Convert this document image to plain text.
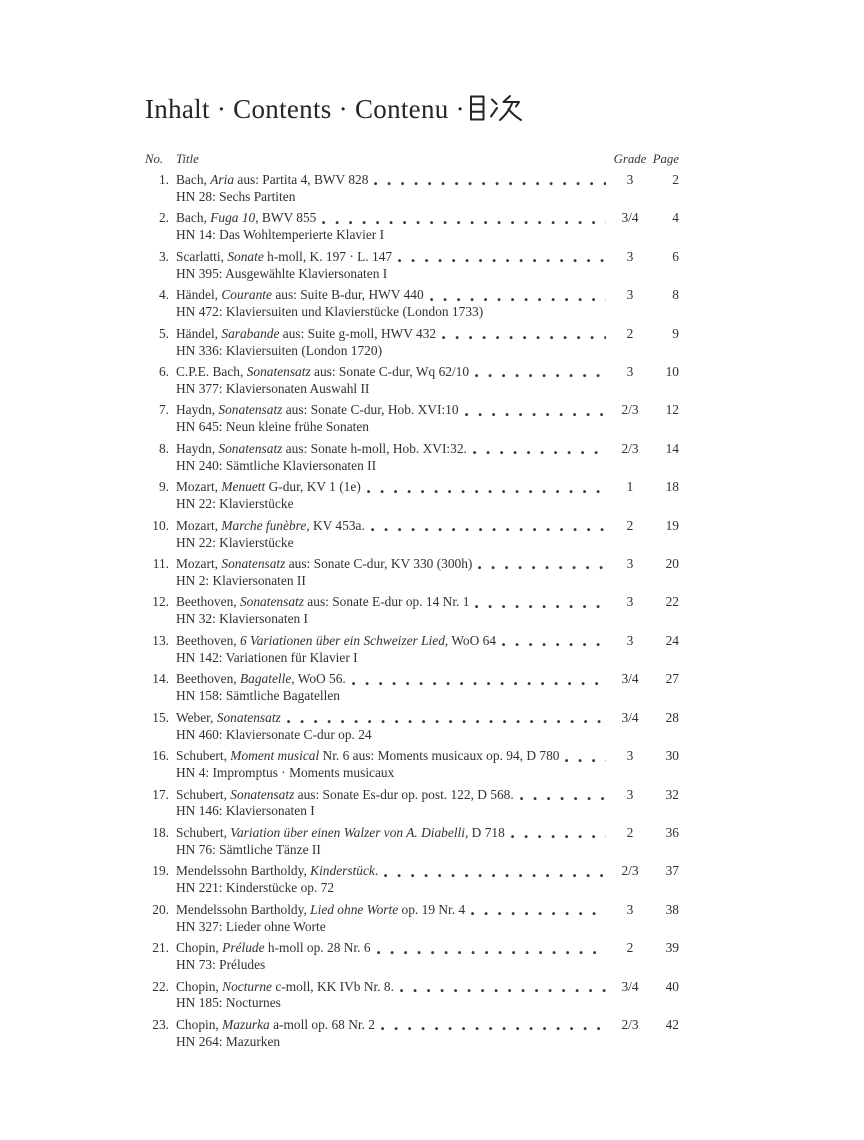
Inhalt · Contents · Contenu ·
No.	Title	Grade Page
1. Bach, Aria aus: Partita 4, BWV 828	3	2
HN 28: Sechs Partiten
2. Bach, Fuga 10, BWV 855	3/4	4
HN 14: Das Wohltemperierte Klavier I
3. Scarlatti, Sonate h-moll, K. 197 · L. 147	3	6
HN 395: Ausgewählte Klaviersonaten I
4. Händel, Courante aus: Suite B-dur, HWV 440	3	8
HN 472: Klaviersuiten und Klavierstücke (London 1733)
5. Händel, Sarabande aus: Suite g-moll, HWV 432	2	9
HN 336: Klaviersuiten (London 1720)
6. C.P.E. Bach, Sonatensatz aus: Sonate C-dur, Wq 62/10	3	10
HN 377: Klaviersonaten Auswahl II
7. Haydn, Sonatensatz aus: Sonate C-dur, Hob. XVI:10	2/3	12
HN 645: Neun kleine frühe Sonaten
8. Haydn, Sonatensatz aus: Sonate h-moll, Hob. XVI:32.	2/3	14
HN 240: Sämtliche Klaviersonaten II
9. Mozart, Menuett G-dur, KV 1 (1e)	1	18
HN 22: Klavierstücke
10. Mozart, Marche funèbre, KV 453a.	2	19
HN 22: Klavierstücke
11. Mozart, Sonatensatz aus: Sonate C-dur, KV 330 (300h)	3	20
HN 2: Klaviersonaten II
12. Beethoven, Sonatensatz aus: Sonate E-dur op. 14 Nr. 1	3	22
HN 32: Klaviersonaten I
13. Beethoven, 6 Variationen über ein Schweizer Lied, WoO 64	3	24
HN 142: Variationen für Klavier I
14. Beethoven, Bagatelle, WoO 56.	3/4	27
HN 158: Sämtliche Bagatellen
15. Weber, Sonatensatz	3/4	28
HN 460: Klaviersonate C-dur op. 24
16. Schubert, Moment musical Nr. 6 aus: Moments musicaux op. 94, D 780	3	30
HN 4: Impromptus · Moments musicaux
17. Schubert, Sonatensatz aus: Sonate Es-dur op. post. 122, D 568.	3	32
HN 146: Klaviersonaten I
18. Schubert, Variation über einen Walzer von A. Diabelli, D 718	2	36
HN 76: Sämtliche Tänze II
19. Mendelssohn Bartholdy, Kinderstück.	2/3	37
HN 221: Kinderstücke op. 72
20. Mendelssohn Bartholdy, Lied ohne Worte op. 19 Nr. 4	3	38
HN 327: Lieder ohne Worte
21. Chopin, Prélude h-moll op. 28 Nr. 6	2	39
HN 73: Préludes
22. Chopin, Nocturne c-moll, KK IVb Nr. 8.	3/4	40
HN 185: Nocturnes
23. Chopin, Mazurka a-moll op. 68 Nr. 2	2/3	42
HN 264: Mazurken
